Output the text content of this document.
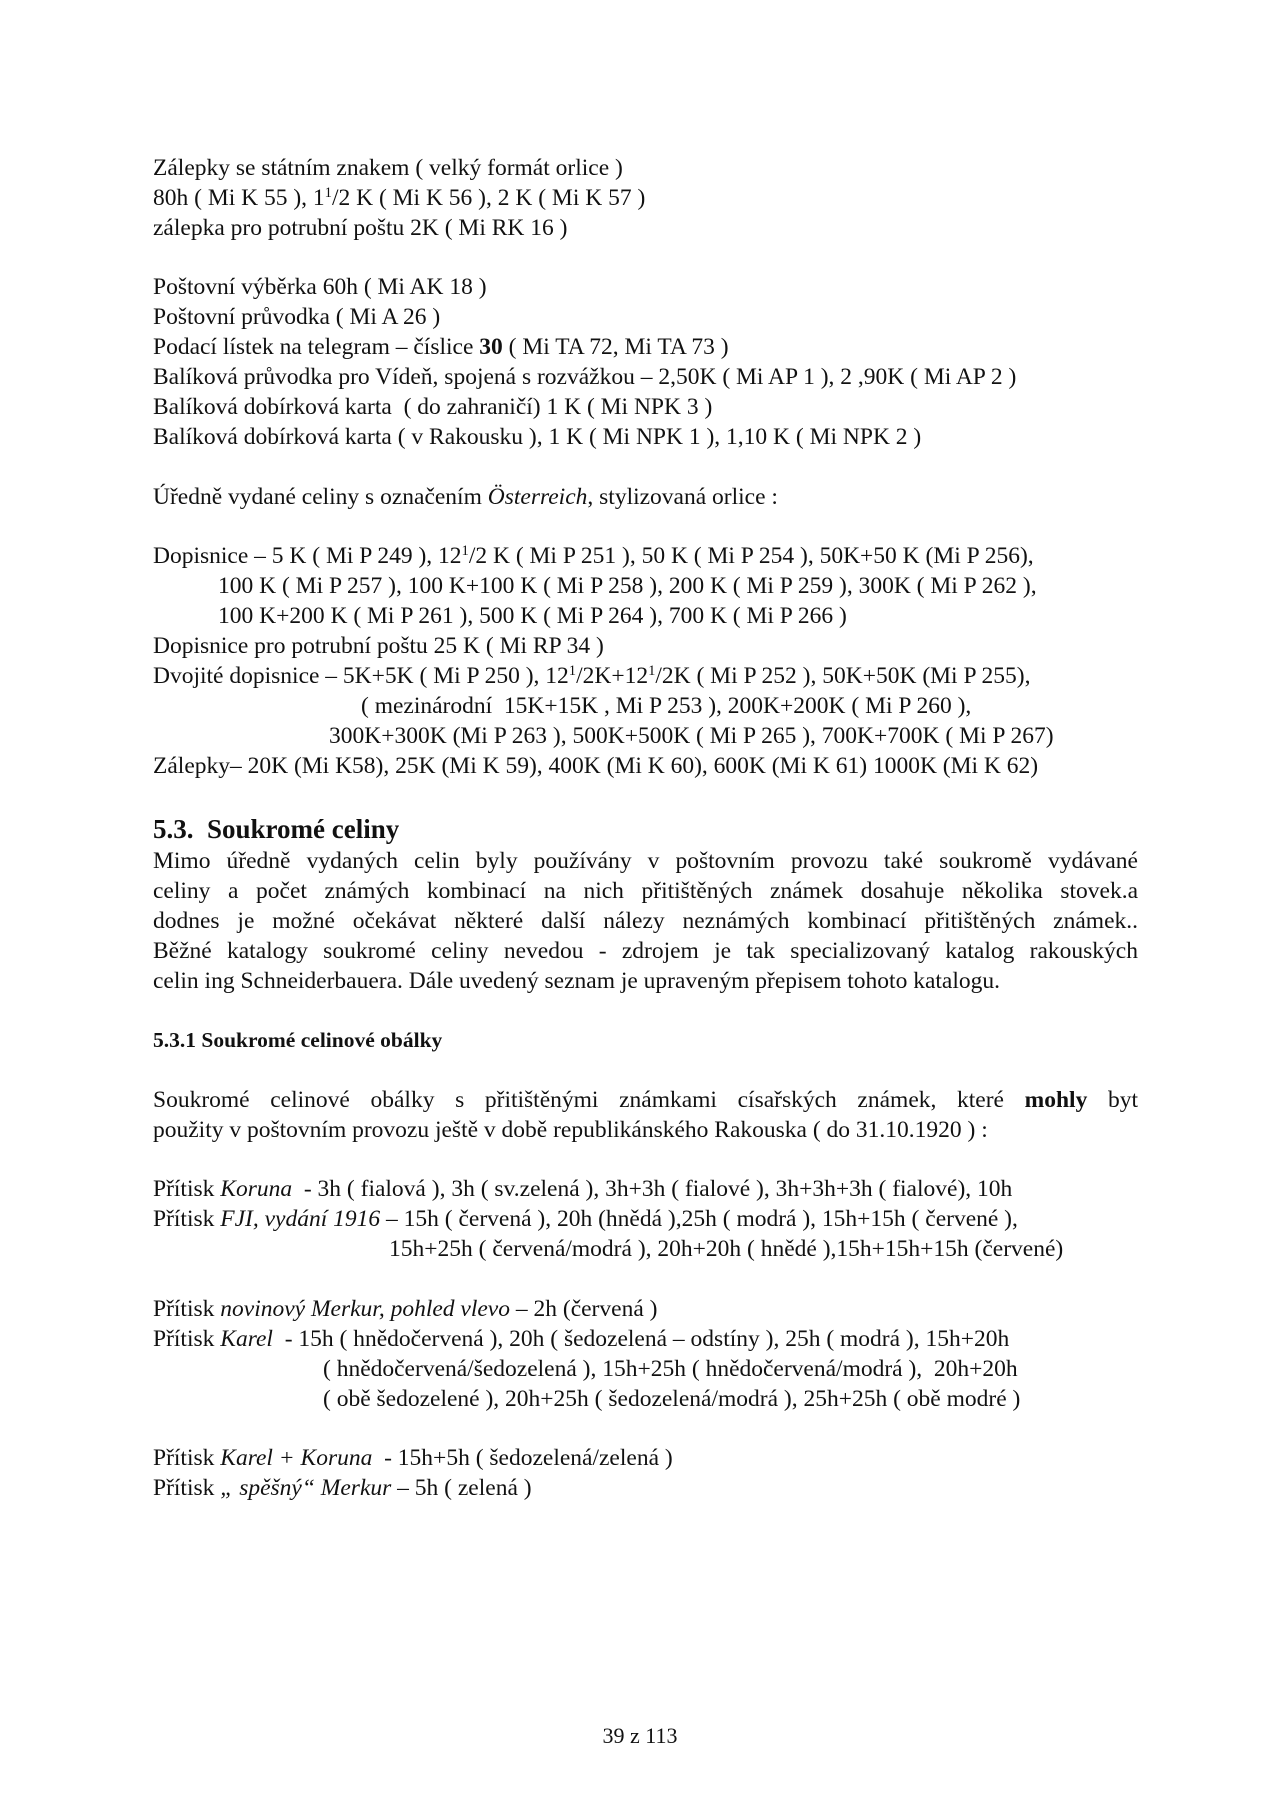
Zálepky se státním znakem ( velký formát orlice )
80h ( Mi K 55 ), $1^1/2$ K ( Mi K 56 ), 2 K ( Mi K 57 )
zálepka pro potrubní poštu 2K ( Mi RK 16 )
Poštovní výběrka 60h ( Mi AK 18 )
Poštovní průvodka ( Mi A 26 )
Podací lístek na telegram – číslice 30 ( Mi TA 72, Mi TA 73 )
Balíková průvodka pro Vídeň, spojená s rozvážkou – 2,50K ( Mi AP 1 ), 2 ,90K ( Mi AP 2 )
Balíková dobírková karta  ( do zahraničí) 1 K ( Mi NPK 3 )
Balíková dobírková karta ( v Rakousku ), 1 K ( Mi NPK 1 ), 1,10 K ( Mi NPK 2 )
Úředně vydané celiny s označením Österreich, stylizovaná orlice :
Dopisnice – 5 K ( Mi P 249 ), $12^1/2$ K ( Mi P 251 ), 50 K ( Mi P 254 ), 50K+50 K (Mi P 256),
100 K ( Mi P 257 ), 100 K+100 K ( Mi P 258 ), 200 K ( Mi P 259 ), 300K ( Mi P 262 ),
100 K+200 K ( Mi P 261 ), 500 K ( Mi P 264 ), 700 K ( Mi P 266 )
Dopisnice pro potrubní poštu 25 K ( Mi RP 34 )
Dvojité dopisnice – 5K+5K ( Mi P 250 ), $12^1/2K+12^1/2K$ ( Mi P 252 ), 50K+50K (Mi P 255),
( mezinárodní  15K+15K , Mi P 253 ), 200K+200K ( Mi P 260 ),
300K+300K (Mi P 263 ), 500K+500K ( Mi P 265 ), 700K+700K ( Mi P 267)
Zálepky– 20K (Mi K58), 25K (Mi K 59), 400K (Mi K 60), 600K (Mi K 61) 1000K (Mi K 62)
5.3.  Soukromé celiny
Mimo úředně vydaných celin byly používány v poštovním provozu také soukromě vydávané
celiny a počet známých kombinací na nich přitištěných známek dosahuje několika stovek.a
dodnes je možné očekávat některé další nálezy neznámých kombinací přitištěných známek..
Běžné katalogy soukromé celiny nevedou - zdrojem je tak specializovaný katalog rakouských
celin ing Schneiderbauera. Dále uvedený seznam je upraveným přepisem tohoto katalogu.
5.3.1 Soukromé celinové obálky
Soukromé celinové obálky s přitištěnými známkami císařských známek, které mohly byt
použity v poštovním provozu ještě v době republikánského Rakouska ( do 31.10.1920 ) :
Přítisk Koruna  - 3h ( fialová ), 3h ( sv.zelená ), 3h+3h ( fialové ), 3h+3h+3h ( fialové), 10h
Přítisk FJI, vydání 1916 – 15h ( červená ), 20h (hnědá ),25h ( modrá ), 15h+15h ( červené ),
15h+25h ( červená/modrá ), 20h+20h ( hnědé ),15h+15h+15h (červené)
Přítisk novinový Merkur, pohled vlevo – 2h (červená )
Přítisk Karel  - 15h ( hnědočervená ), 20h ( šedozelená – odstíny ), 25h ( modrá ), 15h+20h
( hnědočervená/šedozelená ), 15h+25h ( hnědočervená/modrá ),  20h+20h
( obě šedozelené ), 20h+25h ( šedozelená/modrá ), 25h+25h ( obě modré )
Přítisk Karel + Koruna  - 15h+5h ( šedozelená/zelená )
Přítisk „ spěšný“ Merkur – 5h ( zelená )
39 z 113
